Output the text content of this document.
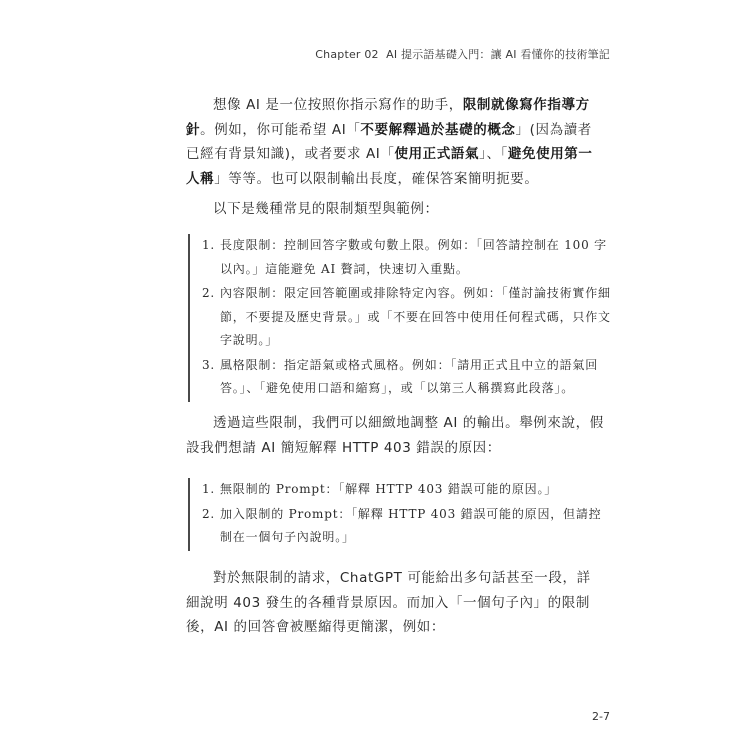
Chapter 02 AI 提示語基礎入門：讓 AI 看懂你的技術筆記
想像 AI 是一位按照你指示寫作的助手，限制就像寫作指導方針。例如，你可能希望 AI「不要解釋過於基礎的概念」(因為讀者已經有背景知識)，或者要求 AI「使用正式語氣」、「避免使用第一人稱」等等。也可以限制輸出長度，確保答案簡明扼要。
以下是幾種常見的限制類型與範例：
1. 長度限制：控制回答字數或句數上限。例如：「回答請控制在 100 字以內。」這能避免 AI 贅詞，快速切入重點。
2. 內容限制：限定回答範圍或排除特定內容。例如：「僅討論技術實作細節，不要提及歷史背景。」或「不要在回答中使用任何程式碼，只作文字說明。」
3. 風格限制：指定語氣或格式風格。例如：「請用正式且中立的語氣回答。」、「避免使用口語和縮寫」，或「以第三人稱撰寫此段落」。
透過這些限制，我們可以細緻地調整 AI 的輸出。舉例來說，假設我們想請 AI 簡短解釋 HTTP 403 錯誤的原因：
1. 無限制的 Prompt：「解釋 HTTP 403 錯誤可能的原因。」
2. 加入限制的 Prompt：「解釋 HTTP 403 錯誤可能的原因，但請控制在一個句子內說明。」
對於無限制的請求，ChatGPT 可能給出多句話甚至一段，詳細說明 403 發生的各種背景原因。而加入「一個句子內」的限制後，AI 的回答會被壓縮得更簡潔，例如：
2-7
